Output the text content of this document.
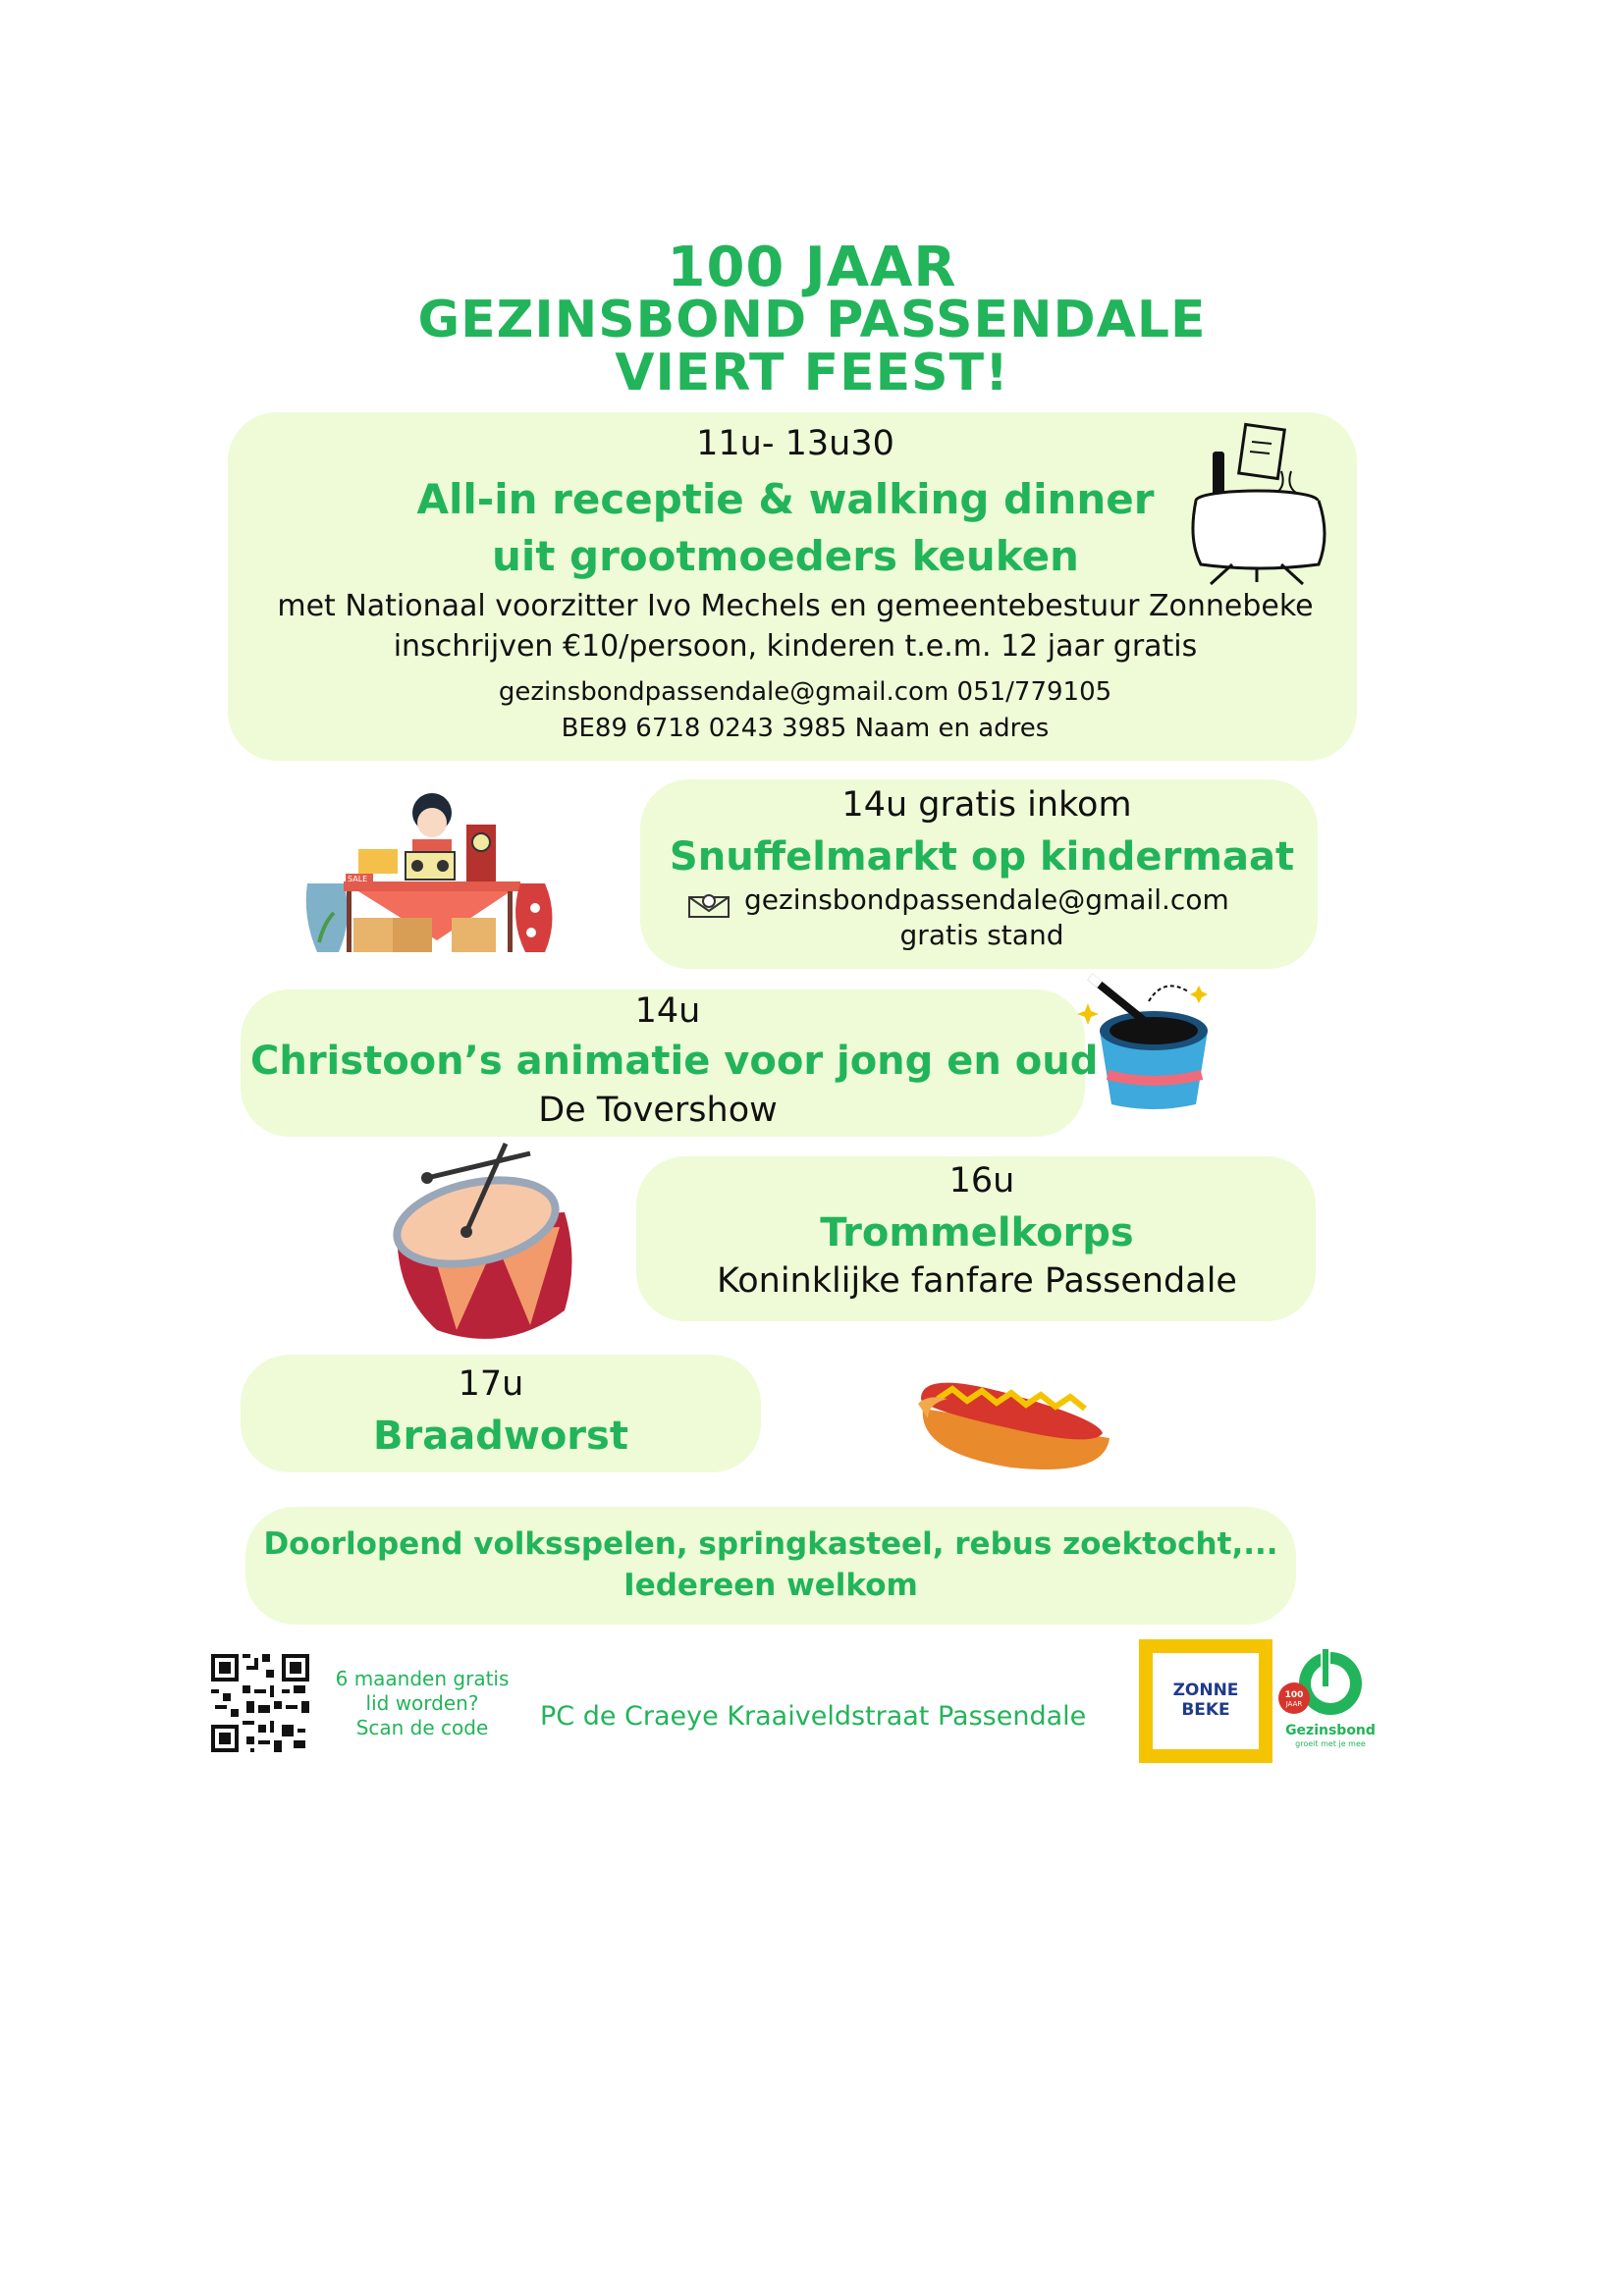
100 JAAR
GEZINSBOND PASSENDALE
VIERT FEEST!
11u- 13u30
All-in receptie & walking dinner
uit grootmoeders keuken
met Nationaal voorzitter Ivo Mechels en gemeentebestuur Zonnebeke
inschrijven €10/persoon, kinderen t.e.m. 12 jaar gratis
gezinsbondpassendale@gmail.com 051/779105
BE89 6718 0243 3985 Naam en adres
14u gratis inkom
Snuffelmarkt op kindermaat
gezinsbondpassendale@gmail.com
gratis stand
SALE
14u
Christoon’s animatie voor jong en oud
De Tovershow
16u
Trommelkorps
Koninklijke fanfare Passendale
17u
Braadworst
Doorlopend volksspelen, springkasteel, rebus zoektocht,...
Iedereen welkom
6 maanden gratis
lid worden?
Scan de code	PC de Craeye Kraaiveldstraat Passendale
ZONNE
BEKE
100
JAAR
Gezinsbond
groeit met je mee
